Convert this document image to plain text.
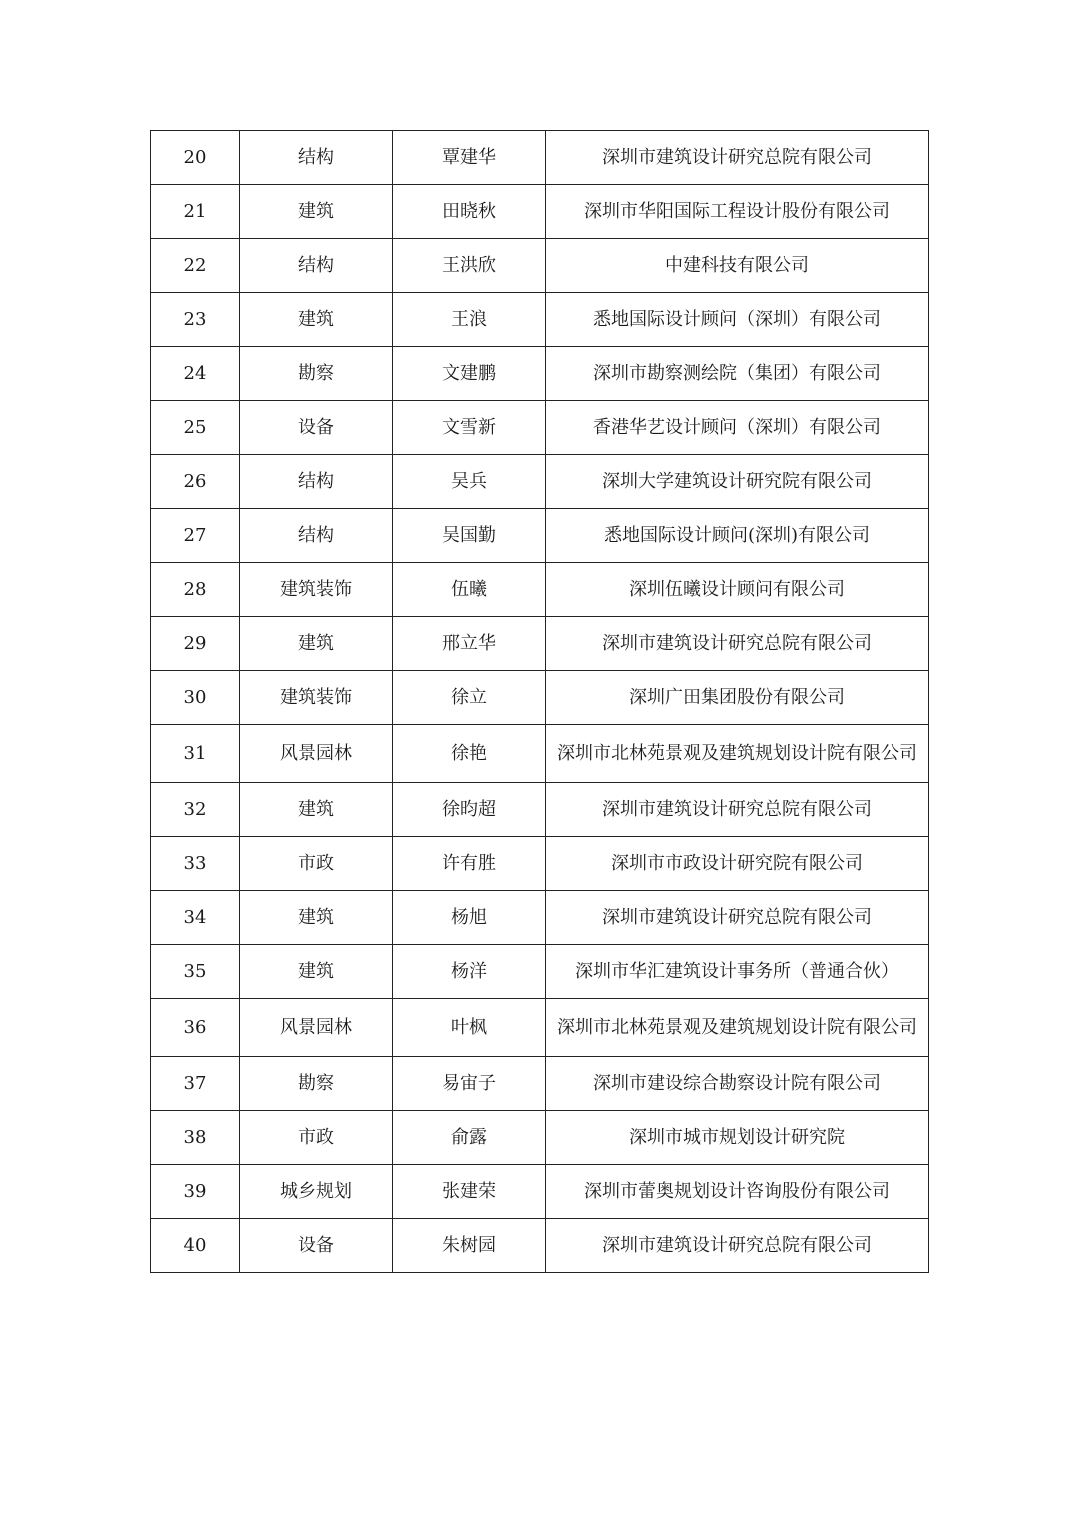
20	结构	覃建华	深圳市建筑设计研究总院有限公司
21	建筑	田晓秋	深圳市华阳国际工程设计股份有限公司
22	结构	王洪欣	中建科技有限公司
23	建筑	王浪	悉地国际设计顾问（深圳）有限公司
24	勘察	文建鹏	深圳市勘察测绘院（集团）有限公司
25	设备	文雪新	香港华艺设计顾问（深圳）有限公司
26	结构	吴兵	深圳大学建筑设计研究院有限公司
27	结构	吴国勤	悉地国际设计顾问(深圳)有限公司
28	建筑装饰	伍曦	深圳伍曦设计顾问有限公司
29	建筑	邢立华	深圳市建筑设计研究总院有限公司
30	建筑装饰	徐立	深圳广田集团股份有限公司
31	风景园林	徐艳	深圳市北林苑景观及建筑规划设计院有限公司
32	建筑	徐昀超	深圳市建筑设计研究总院有限公司
33	市政	许有胜	深圳市市政设计研究院有限公司
34	建筑	杨旭	深圳市建筑设计研究总院有限公司
35	建筑	杨洋	深圳市华汇建筑设计事务所（普通合伙）
36	风景园林	叶枫	深圳市北林苑景观及建筑规划设计院有限公司
37	勘察	易宙子	深圳市建设综合勘察设计院有限公司
38	市政	俞露	深圳市城市规划设计研究院
39	城乡规划	张建荣	深圳市蕾奥规划设计咨询股份有限公司
40	设备	朱树园	深圳市建筑设计研究总院有限公司
